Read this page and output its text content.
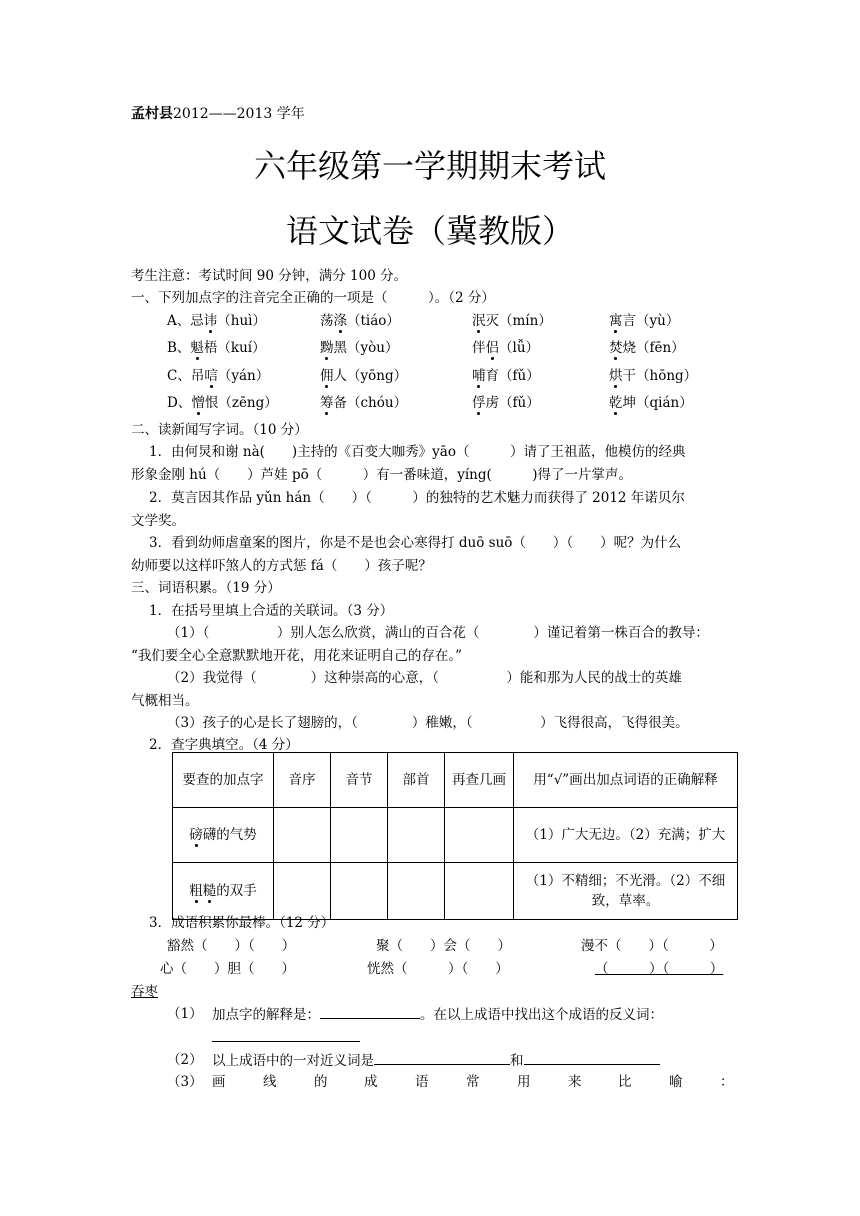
孟村县2012——2013 学年
六年级第一学期期末考试
语文试卷（冀教版）
考生注意：考试时间 90 分钟，满分 100 分。
一、下列加点字的注音完全正确的一项是（　　　）。（2 分）
A、忌讳（huì）	荡涤（tiáo）	泯灭（mín）	寓言（yù）
B、魁梧（kuí）	黝黑（yòu）	伴侣（lǚ）	焚烧（fēn）
C、吊唁（yán）	佣人（yōng）	哺育（fǔ）	烘干（hōng）
D、憎恨（zēng）	筹备（chóu）	俘虏（fǔ）	乾坤（qián）
二、读新闻写字词。（10 分）
1．由何炅和谢 nà(　　)主持的《百变大咖秀》yāo（　　　）请了王祖蓝，他模仿的经典
形象金刚 hú（　　）芦娃 pō（　　　）有一番味道，yíng(　　　)得了一片掌声。
2．莫言因其作品 yǔn hán（　　）（　　　）的独特的艺术魅力而获得了 2012 年诺贝尔
文学奖。
3．看到幼师虐童案的图片，你是不是也会心寒得打 duō suō（　　）（　　）呢？为什么
幼师要以这样吓煞人的方式惩 fá（　　）孩子呢？
三、词语积累。（19 分）
1．在括号里填上合适的关联词。（3 分）
（1）（　　　　　）别人怎么欣赏，满山的百合花（　　　　）谨记着第一株百合的教导：
“我们要全心全意默默地开花，用花来证明自己的存在。”
（2）我觉得（　　　　）这种崇高的心意，（　　　　　）能和那为人民的战士的英雄
气概相当。
（3）孩子的心是长了翅膀的，（　　　　）稚嫩，（　　　　　）飞得很高，飞得很美。
2．查字典填空。（4 分）
要查的加点字	音序	音节	部首	再查几画	用“√”画出加点词语的正确解释
磅礴的气势					（1）广大无边。（2）充满；扩大
粗糙的双手					（1）不精细；不光滑。（2）不细致，草率。
3．成语积累你最棒。（12 分）
豁然（　　）（　　）	聚（　　）会（　　）	漫不（　　）（　　　）
心（　　）胆（　　）	恍然（　　　）（　　）	（　　　）（　　　）
吞枣
（1） 加点字的解释是：	。在以上成语中找出这个成语的反义词：
（2） 以上成语中的一对近义词是	和
（3） 画	线	的	成	语	常	用	来	比	喻	：
